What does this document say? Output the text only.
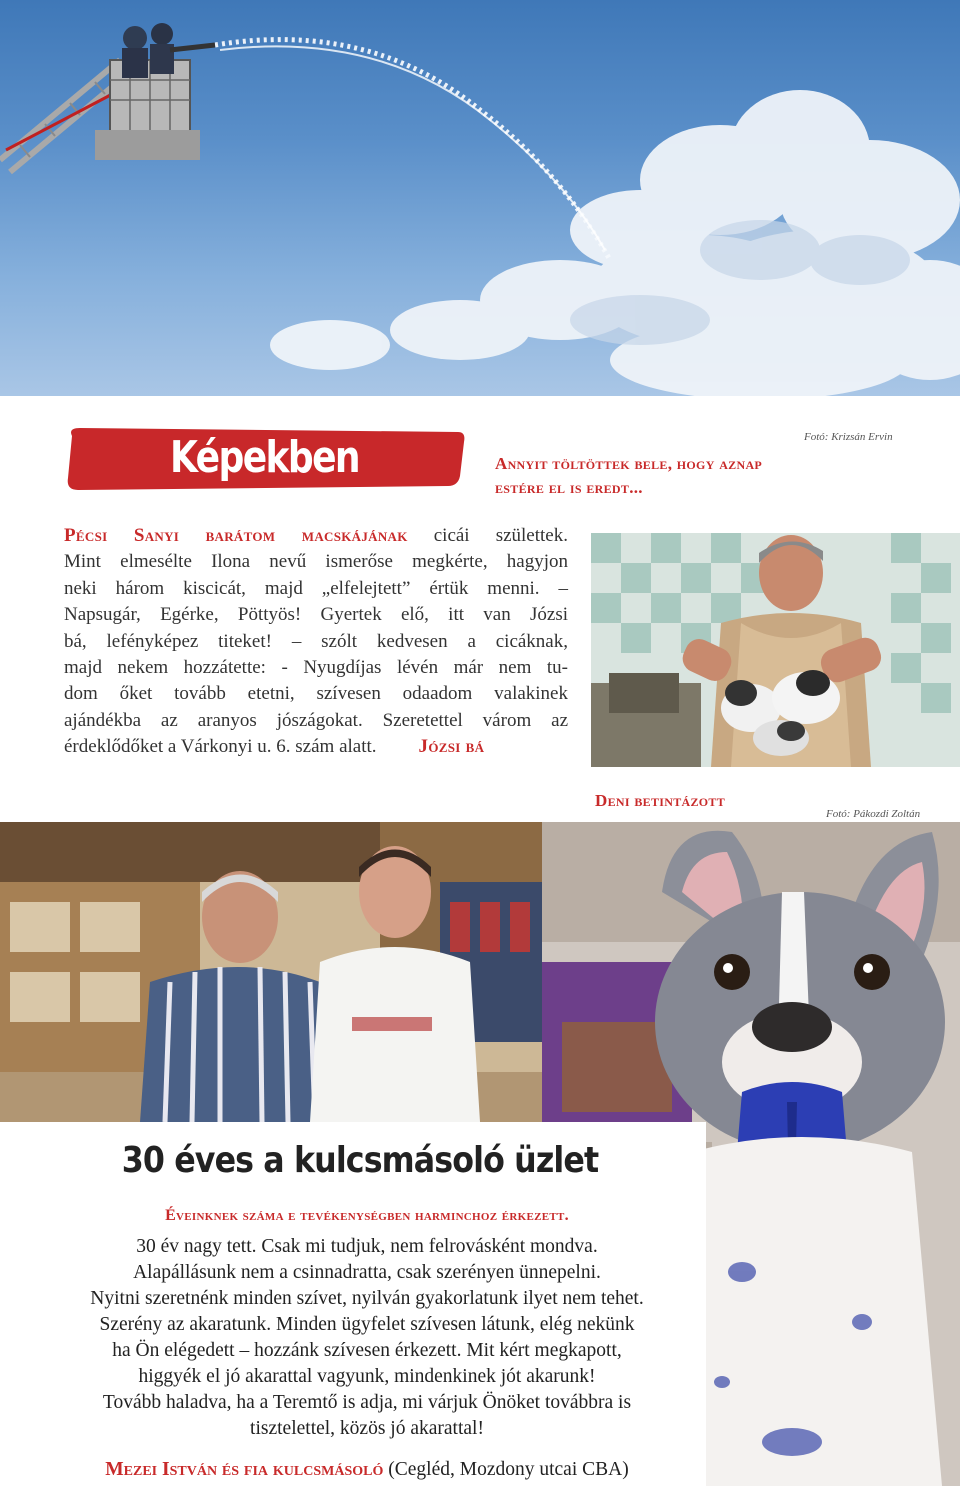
Képekben	Fotó: Krizsán Ervin
Annyit töltöttek bele, hogy aznap
estére el is eredt...
Pécsi Sanyi barátom macskájának cicái születtek.
Mint elmesélte Ilona nevű ismerőse megkérte, hagyjon
neki három kiscicát, majd „elfelejtett” értük menni. –
Napsugár, Egérke, Pöttyös! Gyertek elő, itt van Józsi
bá, lefényképez titeket! – szólt kedvesen a cicáknak,
majd nekem hozzátette: - Nyugdíjas lévén már nem tu-
dom őket tovább etetni, szívesen odaadom valakinek
ajándékba az aranyos jószágokat. Szeretettel várom az
érdeklődőket a Várkonyi u. 6. szám alatt. Józsi bá
Deni betintázott
Fotó: Pákozdi Zoltán
30 éves a kulcsmásoló üzlet
Éveinknek száma e tevékenységben harminchoz érkezett.
30 év nagy tett. Csak mi tudjuk, nem felrovásként mondva.
Alapállásunk nem a csinnadratta, csak szerényen ünnepelni.
Nyitni szeretnénk minden szívet, nyilván gyakorlatunk ilyet nem tehet.
Szerény az akaratunk. Minden ügyfelet szívesen látunk, elég nekünk
ha Ön elégedett – hozzánk szívesen érkezett. Mit kért megkapott,
higgyék el jó akarattal vagyunk, mindenkinek jót akarunk!
Tovább haladva, ha a Teremtő is adja, mi várjuk Önöket továbbra is
tisztelettel, közös jó akarattal!
Mezei István és fia kulcsmásoló (Cegléd, Mozdony utcai CBA)
